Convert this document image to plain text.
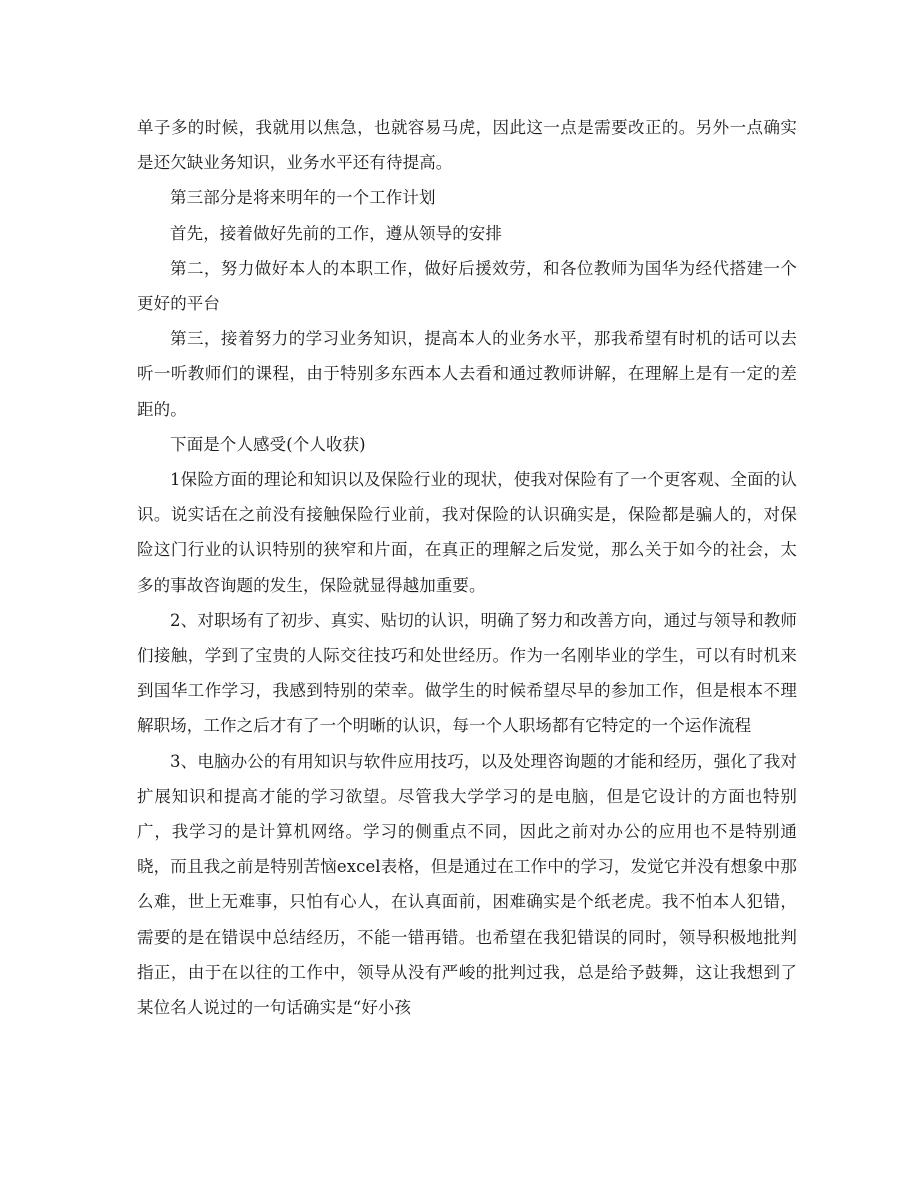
单子多的时候，我就用以焦急，也就容易马虎，因此这一点是需要改正的。另外一点确实是还欠缺业务知识，业务水平还有待提高。

第三部分是将来明年的一个工作计划

首先，接着做好先前的工作，遵从领导的安排

第二，努力做好本人的本职工作，做好后援效劳，和各位教师为国华为经代搭建一个更好的平台

第三，接着努力的学习业务知识，提高本人的业务水平，那我希望有时机的话可以去听一听教师们的课程，由于特别多东西本人去看和通过教师讲解，在理解上是有一定的差距的。

下面是个人感受(个人收获)

1保险方面的理论和知识以及保险行业的现状，使我对保险有了一个更客观、全面的认识。说实话在之前没有接触保险行业前，我对保险的认识确实是，保险都是骗人的，对保险这门行业的认识特别的狭窄和片面，在真正的理解之后发觉，那么关于如今的社会，太多的事故咨询题的发生，保险就显得越加重要。

2、对职场有了初步、真实、贴切的认识，明确了努力和改善方向，通过与领导和教师们接触，学到了宝贵的人际交往技巧和处世经历。作为一名刚毕业的学生，可以有时机来到国华工作学习，我感到特别的荣幸。做学生的时候希望尽早的参加工作，但是根本不理解职场，工作之后才有了一个明晰的认识，每一个人职场都有它特定的一个运作流程

3、电脑办公的有用知识与软件应用技巧，以及处理咨询题的才能和经历，强化了我对扩展知识和提高才能的学习欲望。尽管我大学学习的是电脑，但是它设计的方面也特别广，我学习的是计算机网络。学习的侧重点不同，因此之前对办公的应用也不是特别通晓，而且我之前是特别苦恼excel表格，但是通过在工作中的学习，发觉它并没有想象中那么难，世上无难事，只怕有心人，在认真面前，困难确实是个纸老虎。我不怕本人犯错，需要的是在错误中总结经历，不能一错再错。也希望在我犯错误的同时，领导积极地批判指正，由于在以往的工作中，领导从没有严峻的批判过我，总是给予鼓舞，这让我想到了某位名人说过的一句话确实是“好小孩
